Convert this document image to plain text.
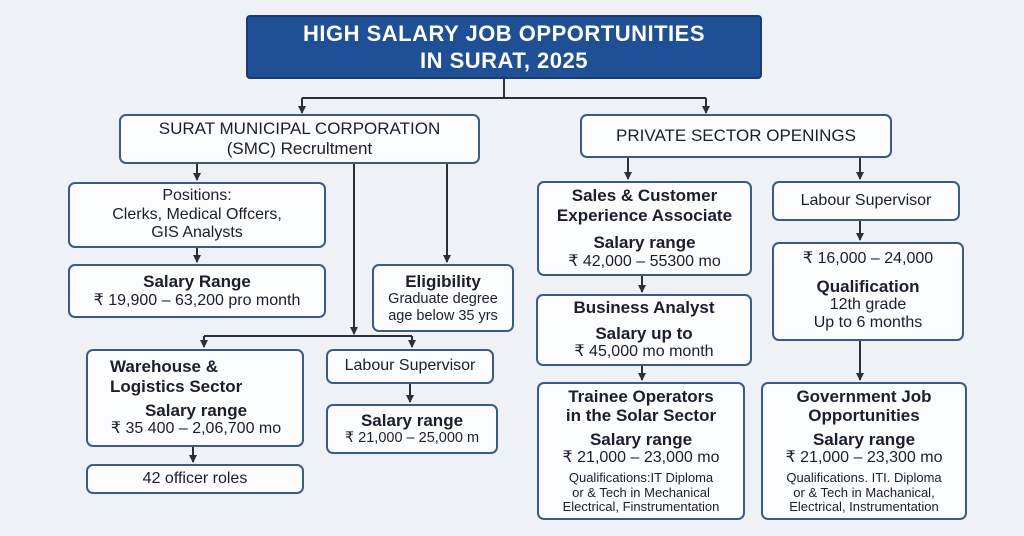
HIGH SALARY JOB OPPORTUNITIES
IN SURAT, 2025
SURAT MUNICIPAL CORPORATION
(SMC) Recrultment
Positions:
Clerks, Medical Offcers,
GIS Analysts
Salary Range
₹ 19,900 – 63,200 pro month
Eligibility
Graduate degree
age below 35 yrs
Warehouse &
Logistics Sector
Salary range
₹ 35 400 – 2,06,700 mo
42 officer roles
Labour Supervisor
Salary range
₹ 21,000 – 25,000 m
PRIVATE SECTOR OPENINGS
Sales & Customer
Experience Associate
Salary range
₹ 42,000 – 55300 mo
Business Analyst
Salary up to
₹ 45,000 mo month
Trainee Operators
in the Solar Sector
Salary range
₹ 21,000 – 23,000 mo
Qualifications:IT Diploma
or & Tech in Mechanical
Electrical, Finstrumentation
Labour Supervisor
₹ 16,000 – 24,000
Qualification
12th grade
Up to 6 months
Government Job
Opportunities
Salary range
₹ 21,000 – 23,300 mo
Qualifications. ITI. Diploma
or & Tech in Machanical,
Electrical, Instrumentation
